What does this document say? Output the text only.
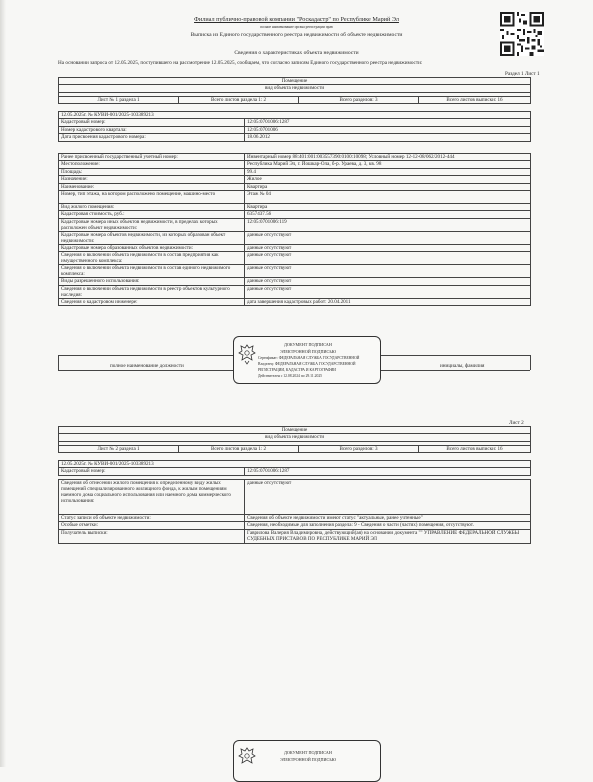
Филиал публично-правовой компании "Роскадастр" по Республике Марий Эл
полное наименование органа регистрации прав
Выписка из Единого государственного реестра недвижимости об объекте недвижимости
Сведения о характеристиках объекта недвижимости
На основании запроса от 12.05.2025, поступившего на рассмотрение 12.05.2025, сообщаем, что согласно записям Единого государственного реестра недвижимости:
Раздел 1 Лист 1
Помещение
вид объекта недвижимости

Лист № 1 раздела 1	Всего листов раздела 1: 2	Всего разделов: 3	Всего листов выписки: 16
12.05.2025г. № КУВИ-001/2025-103389213	
Кадастровый номер:	12:05:0701006:1287
Номер кадастрового квартала:	12:05:0701006
Дата присвоения кадастрового номера:	18.06.2012
Ранее присвоенный государственный учетный номер:	Инвентарный номер 88:401:001:003557390:0100:10098; Условный номер 12-12-08/062/2012-444
Местоположение:	Республика Марий Эл, г. Йошкар-Ола, б-р. Ураева, д. 3, кв. 98
Площадь:	99.4
Назначение:	Жилое
Наименование:	Квартира
Номер, тип этажа, на котором расположено помещение, машино-место	Этаж № 04
Вид жилого помещения:	Квартира
Кадастровая стоимость, руб.:	6357437.56
Кадастровые номера иных объектов недвижимости, в пределах которых расположен объект недвижимости:	12:05:0701006:119
Кадастровые номера объектов недвижимости, из которых образован объект недвижимости:	данные отсутствуют
Кадастровые номера образованных объектов недвижимости:	данные отсутствуют
Сведения о включении объекта недвижимости в состав предприятия как имущественного комплекса:	данные отсутствуют
Сведения о включении объекта недвижимости в состав единого недвижимого комплекса:	данные отсутствуют
Виды разрешенного использования:	данные отсутствуют
Сведения о включении объекта недвижимости в реестр объектов культурного наследия:	данные отсутствуют
Сведения о кадастровом инженере:	дата завершения кадастровых работ: 20.04.2011
полное наименование должности	инициалы, фамилия
ДОКУМЕНТ ПОДПИСАН
ЭЛЕКТРОННОЙ ПОДПИСЬЮ
Сертификат: ФЕДЕРАЛЬНАЯ СЛУЖБА ГОСУДАРСТВЕННОЙ
Владелец: ФЕДЕРАЛЬНАЯ СЛУЖБА ГОСУДАРСТВЕННОЙ
РЕГИСТРАЦИИ, КАДАСТРА И КАРТОГРАФИИ
Действителен с 12.08.2024 по 29.11.2025
Лист 2
Помещение
вид объекта недвижимости

Лист № 2 раздела 1	Всего листов раздела 1: 2	Всего разделов: 3	Всего листов выписки: 16
12.05.2025г. № КУВИ-001/2025-103389213
Кадастровый номер:	12:05:0701006:1287
Сведения об отнесении жилого помещения к определенному виду жилых помещений специализированного жилищного фонда, к жилым помещениям наемного дома социального использования или наемного дома коммерческого использования:	данные отсутствуют
Статус записи об объекте недвижимости:	Сведения об объекте недвижимости имеют статус "актуальные, ранее учтенные"
Особые отметки:	Сведения, необходимые для заполнения раздела: 9 - Сведения о части (частях) помещения, отсутствуют.
Получатель выписки:	Гаврилова Валерия Владимировна, действующий(ая) на основании документа "" УПРАВЛЕНИЕ ФЕДЕРАЛЬНОЙ СЛУЖБЫ СУДЕБНЫХ ПРИСТАВОВ ПО РЕСПУБЛИКЕ МАРИЙ ЭЛ
ДОКУМЕНТ ПОДПИСАН
ЭЛЕКТРОННОЙ ПОДПИСЬЮ
